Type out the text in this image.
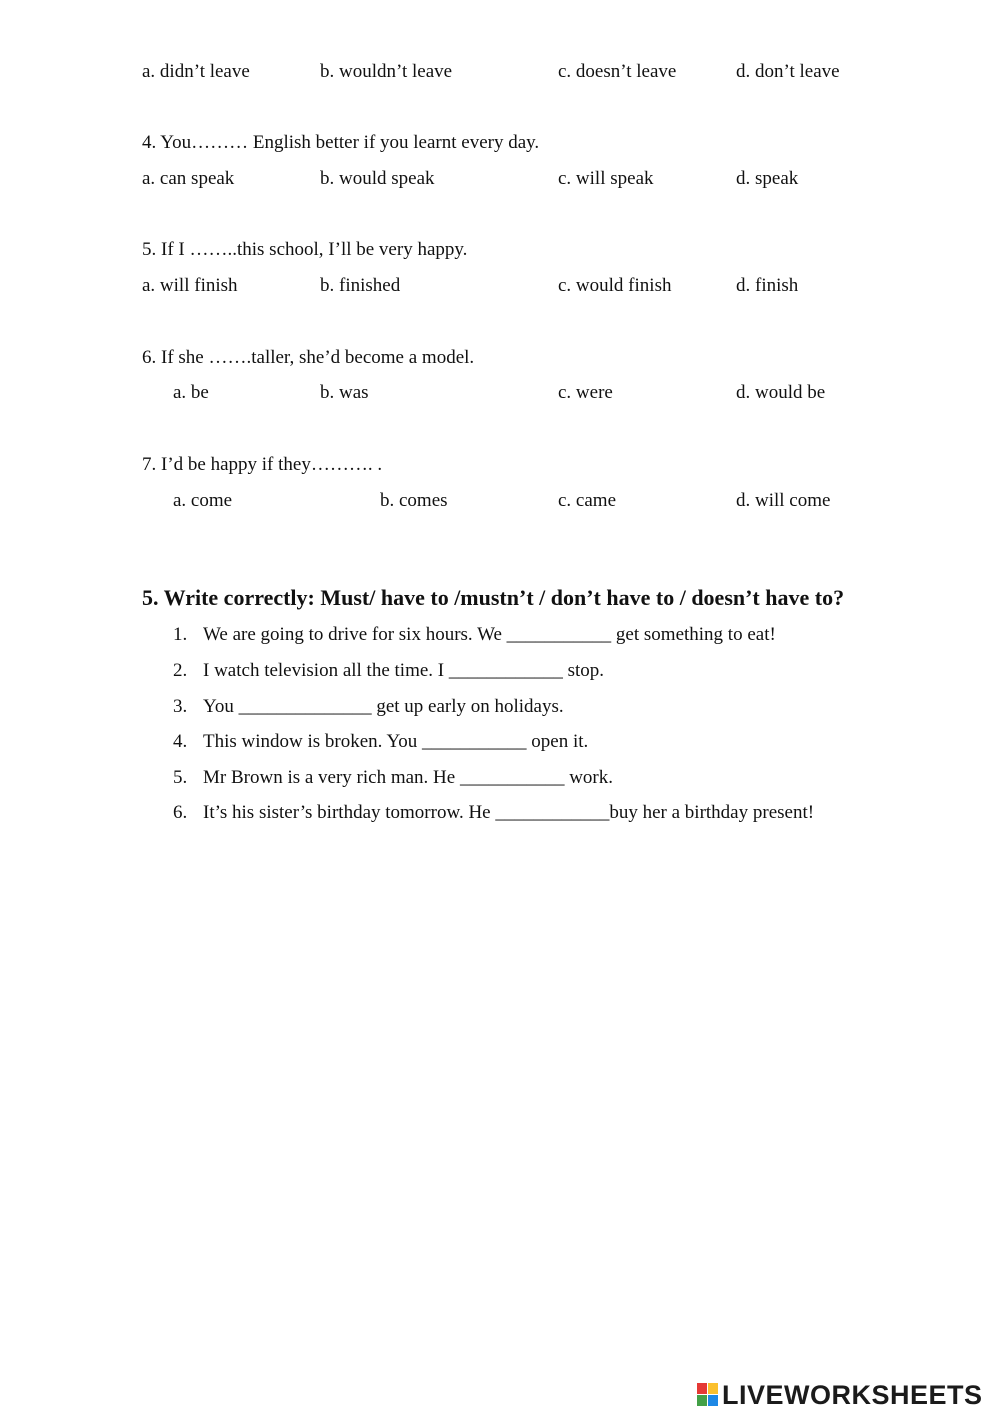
a. didn’t leave	b. wouldn’t leave	c. doesn’t leave	d. don’t leave
4. You……… English better if you learnt every day.
a. can speak	b. would speak	c. will speak	d. speak
5. If I ……..this school, I’ll be very happy.
a. will finish	b. finished	c. would finish	d. finish
6. If she …….taller, she’d become a model.
a. be	b. was	c. were	d. would be
7. I’d be happy if they………. .
a. come	b. comes	c. came	d. will come
5. Write correctly: Must/ have to /mustn’t / don’t have to / doesn’t have to?
1. We are going to drive for six hours. We ___________ get something to eat!
2. I watch television all the time. I ____________ stop.
3. You ______________ get up early on holidays.
4. This window is broken. You ___________ open it.
5. Mr Brown is a very rich man. He ___________ work.
6. It’s his sister’s birthday tomorrow. He ____________buy her a birthday present!
LIVEWORKSHEETS
